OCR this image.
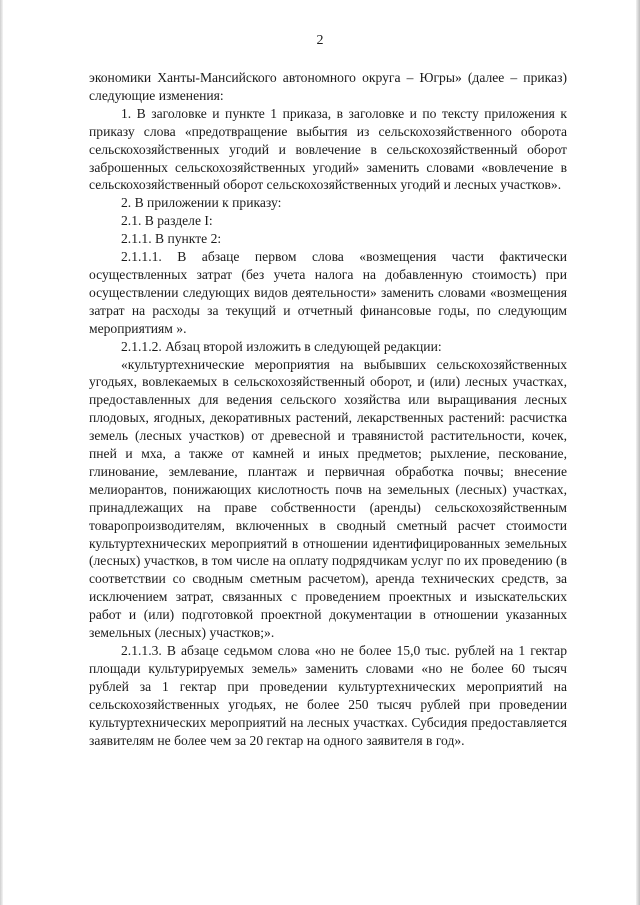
2

экономики Ханты-Мансийского автономного округа – Югры» (далее – приказ) следующие изменения:

1. В заголовке и пункте 1 приказа, в заголовке и по тексту приложения к приказу слова «предотвращение выбытия из сельскохозяйственного оборота сельскохозяйственных угодий и вовлечение в сельскохозяйственный оборот заброшенных сельскохозяйственных угодий» заменить словами «вовлечение в сельскохозяйственный оборот сельскохозяйственных угодий и лесных участков».

2. В приложении к приказу:

2.1. В разделе I:

2.1.1. В пункте 2:

2.1.1.1. В абзаце первом слова «возмещения части фактически осуществленных затрат (без учета налога на добавленную стоимость) при осуществлении следующих видов деятельности» заменить словами «возмещения затрат на расходы за текущий и отчетный финансовые годы, по следующим мероприятиям ».

2.1.1.2. Абзац второй изложить в следующей редакции:

«культуртехнические мероприятия на выбывших сельскохозяйственных угодьях, вовлекаемых в сельскохозяйственный оборот, и (или) лесных участках, предоставленных для ведения сельского хозяйства или выращивания лесных плодовых, ягодных, декоративных растений, лекарственных растений: расчистка земель (лесных участков) от древесной и травянистой растительности, кочек, пней и мха, а также от камней и иных предметов; рыхление, пескование, глинование, землевание, плантаж и первичная обработка почвы; внесение мелиорантов, понижающих кислотность почв на земельных (лесных) участках, принадлежащих на праве собственности (аренды) сельскохозяйственным товаропроизводителям, включенных в сводный сметный расчет стоимости культуртехнических мероприятий в отношении идентифицированных земельных (лесных) участков, в том числе на оплату подрядчикам услуг по их проведению (в соответствии со сводным сметным расчетом), аренда технических средств, за исключением затрат, связанных с проведением проектных и изыскательских работ и (или) подготовкой проектной документации в отношении указанных земельных (лесных) участков;».

2.1.1.3. В абзаце седьмом слова «но не более 15,0 тыс. рублей на 1 гектар площади культурируемых земель» заменить словами «но не более 60 тысяч рублей за 1 гектар при проведении культуртехнических мероприятий на сельскохозяйственных угодьях, не более 250 тысяч рублей при проведении культуртехнических мероприятий на лесных участках. Субсидия предоставляется заявителям не более чем за 20 гектар на одного заявителя в год».
